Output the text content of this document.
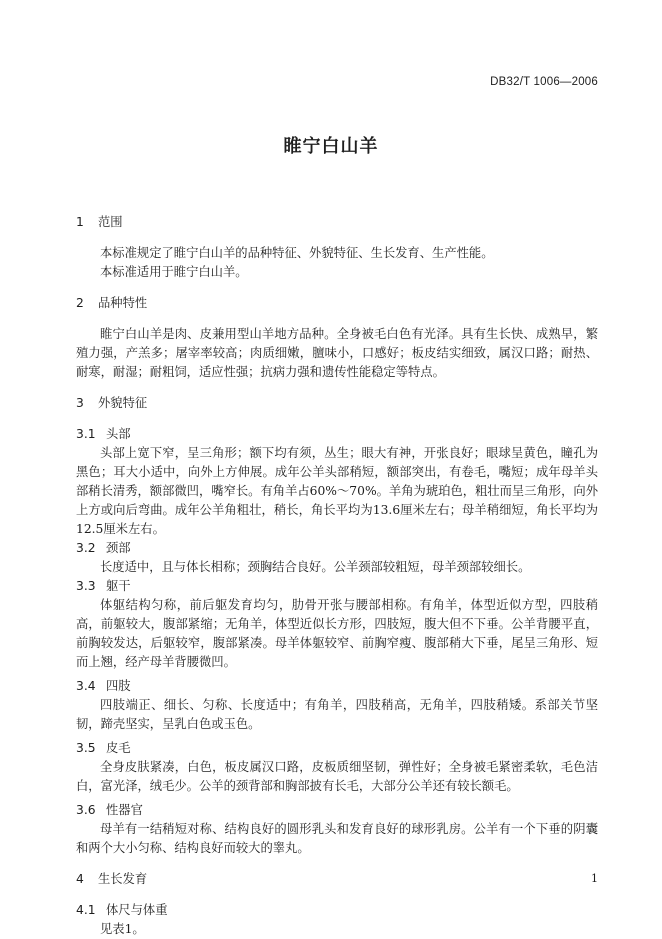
DB32/T 1006—2006
睢宁白山羊
1 范围

本标准规定了睢宁白山羊的品种特征、外貌特征、生长发育、生产性能。

本标准适用于睢宁白山羊。

2 品种特性

睢宁白山羊是肉、皮兼用型山羊地方品种。全身被毛白色有光泽。具有生长快、成熟早，繁殖力强，产羔多；屠宰率较高；肉质细嫩，膻味小，口感好；板皮结实细致，属汉口路；耐热、耐寒，耐湿；耐粗饲，适应性强；抗病力强和遗传性能稳定等特点。

3 外貌特征
3.1 头部

头部上宽下窄，呈三角形；额下均有须，丛生；眼大有神，开张良好；眼球呈黄色，瞳孔为黑色；耳大小适中，向外上方伸展。成年公羊头部稍短，额部突出，有卷毛，嘴短；成年母羊头部稍长清秀，额部微凹，嘴窄长。有角羊占60%～70%。羊角为琥珀色，粗壮而呈三角形，向外上方或向后弯曲。成年公羊角粗壮，稍长，角长平均为13.6厘米左右；母羊稍细短，角长平均为12.5厘米左右。

3.2 颈部

长度适中，且与体长相称；颈胸结合良好。公羊颈部较粗短，母羊颈部较细长。

3.3 躯干

体躯结构匀称，前后躯发育均匀，肋骨开张与腰部相称。有角羊，体型近似方型，四肢稍高，前躯较大，腹部紧缩；无角羊，体型近似长方形，四肢短，腹大但不下垂。公羊背腰平直，前胸较发达，后躯较窄，腹部紧凑。母羊体躯较窄、前胸窄瘦、腹部稍大下垂，尾呈三角形、短而上翘，经产母羊背腰微凹。

3.4 四肢

四肢端正、细长、匀称、长度适中；有角羊，四肢稍高，无角羊，四肢稍矮。系部关节坚韧，蹄壳坚实，呈乳白色或玉色。

3.5 皮毛

全身皮肤紧凑，白色，板皮属汉口路，皮板质细坚韧，弹性好；全身被毛紧密柔软，毛色洁白，富光泽，绒毛少。公羊的颈背部和胸部披有长毛，大部分公羊还有较长额毛。

3.6 性器官

母羊有一结稍短对称、结构良好的圆形乳头和发育良好的球形乳房。公羊有一个下垂的阴囊和两个大小匀称、结构良好而较大的睾丸。

4 生长发育
4.1 体尺与体重

见表1。

1
